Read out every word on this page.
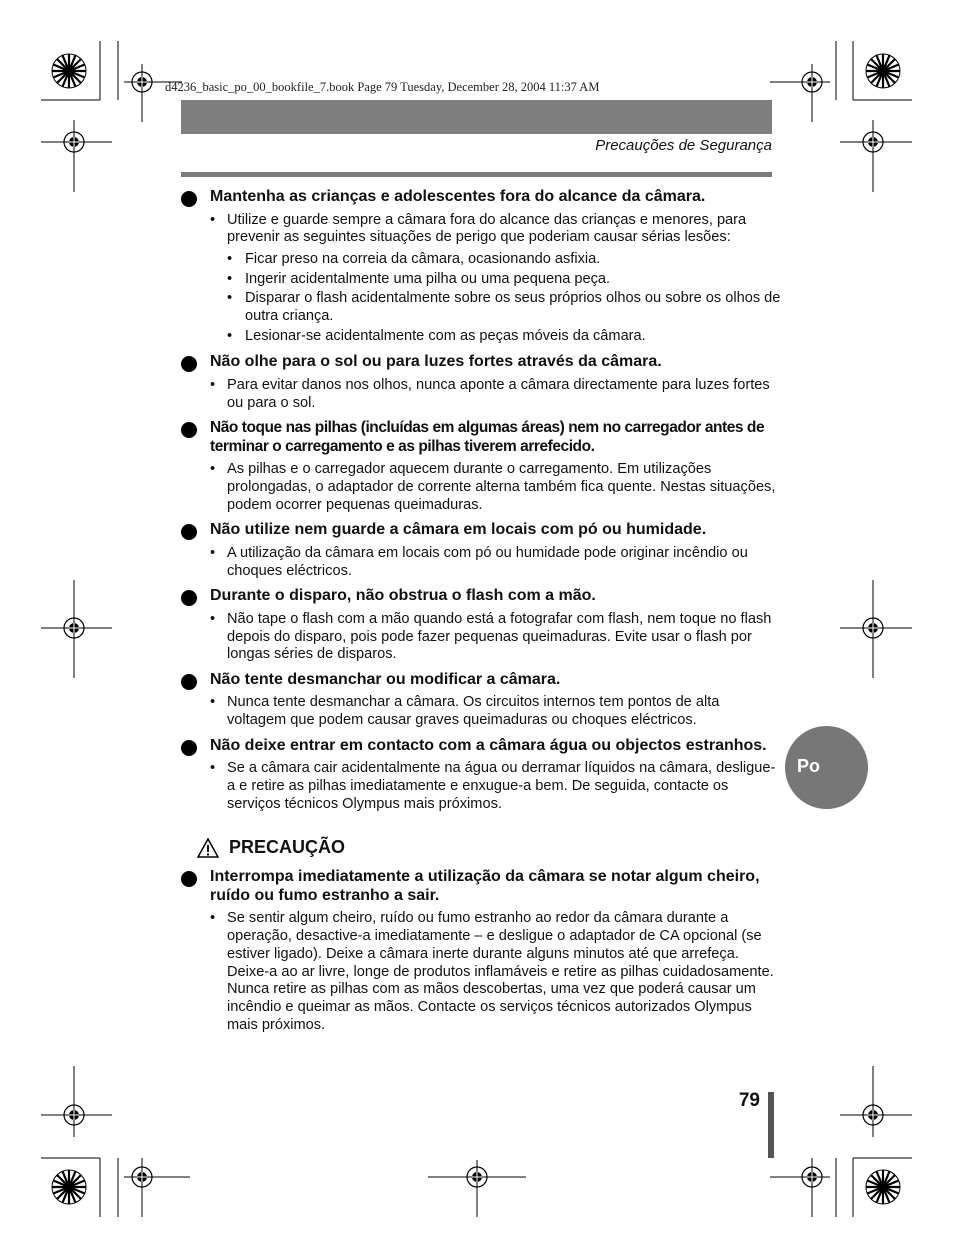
d4236_basic_po_00_bookfile_7.book Page 79 Tuesday, December 28, 2004 11:37 AM
Precauções de Segurança
Mantenha as crianças e adolescentes fora do alcance da câmara.
• Utilize e guarde sempre a câmara fora do alcance das crianças e menores, para prevenir as seguintes situações de perigo que poderiam causar sérias lesões:
• Ficar preso na correia da câmara, ocasionando asfixia.
• Ingerir acidentalmente uma pilha ou uma pequena peça.
• Disparar o flash acidentalmente sobre os seus próprios olhos ou sobre os olhos de outra criança.
• Lesionar-se acidentalmente com as peças móveis da câmara.
Não olhe para o sol ou para luzes fortes através da câmara.
• Para evitar danos nos olhos, nunca aponte a câmara directamente para luzes fortes ou para o sol.
Não toque nas pilhas (incluídas em algumas áreas) nem no carregador antes de terminar o carregamento e as pilhas tiverem arrefecido.
• As pilhas e o carregador aquecem durante o carregamento. Em utilizações prolongadas, o adaptador de corrente alterna também fica quente. Nestas situações, podem ocorrer pequenas queimaduras.
Não utilize nem guarde a câmara em locais com pó ou humidade.
• A utilização da câmara em locais com pó ou humidade pode originar incêndio ou choques eléctricos.
Durante o disparo, não obstrua o flash com a mão.
• Não tape o flash com a mão quando está a fotografar com flash, nem toque no flash depois do disparo, pois pode fazer pequenas queimaduras. Evite usar o flash por longas séries de disparos.
Não tente desmanchar ou modificar a câmara.
• Nunca tente desmanchar a câmara. Os circuitos internos tem pontos de alta voltagem que podem causar graves queimaduras ou choques eléctricos.
Não deixe entrar em contacto com a câmara água ou objectos estranhos.
• Se a câmara cair acidentalmente na água ou derramar líquidos na câmara, desligue-a e retire as pilhas imediatamente e enxugue-a bem. De seguida, contacte os serviços técnicos Olympus mais próximos.
PRECAUÇÃO
Interrompa imediatamente a utilização da câmara se notar algum cheiro, ruído ou fumo estranho a sair.
• Se sentir algum cheiro, ruído ou fumo estranho ao redor da câmara durante a operação, desactive-a imediatamente – e desligue o adaptador de CA opcional (se estiver ligado). Deixe a câmara inerte durante alguns minutos até que arrefeça. Deixe-a ao ar livre, longe de produtos inflamáveis e retire as pilhas cuidadosamente. Nunca retire as pilhas com as mãos descobertas, uma vez que poderá causar um incêndio e queimar as mãos. Contacte os serviços técnicos autorizados Olympus mais próximos.
Po
79
